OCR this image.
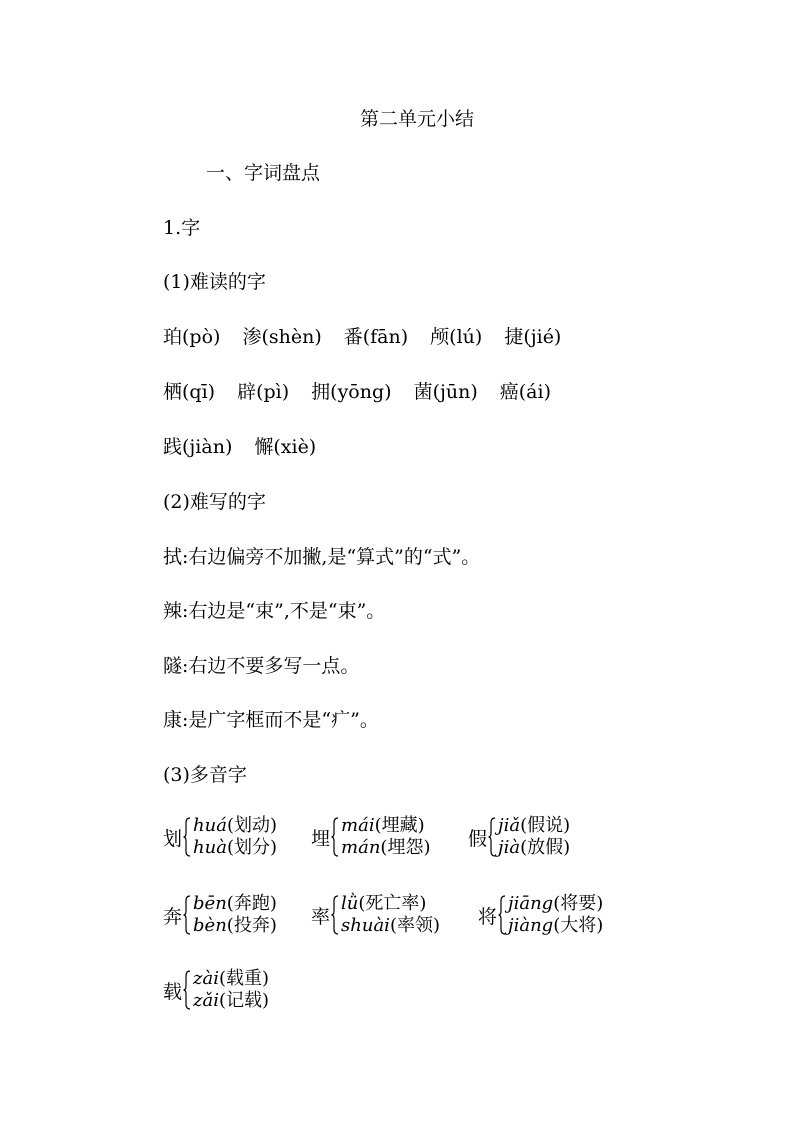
第二单元小结
一、字词盘点
1.字
(1)难读的字
珀(pò) 渗(shèn) 番(fān) 颅(lú) 捷(jié)
栖(qī) 辟(pì) 拥(yōng) 菌(jūn) 癌(ái)
践(jiàn) 懈(xiè)
(2)难写的字
拭:右边偏旁不加撇,是“算式”的“式”。
辣:右边是“束”,不是“束”。
隧:右边不要多写一点。
康:是广字框而不是“疒”。
(3)多音字
划
huá(划动)
huà(划分) 埋
mái(埋藏)
mán(埋怨) 假
jiǎ(假说)
jià(放假)
奔
bēn(奔跑)
bèn(投奔) 率
lǜ(死亡率)
shuài(率领) 将
jiāng(将要)
jiàng(大将)
载
zài(载重)
zǎi(记载)
